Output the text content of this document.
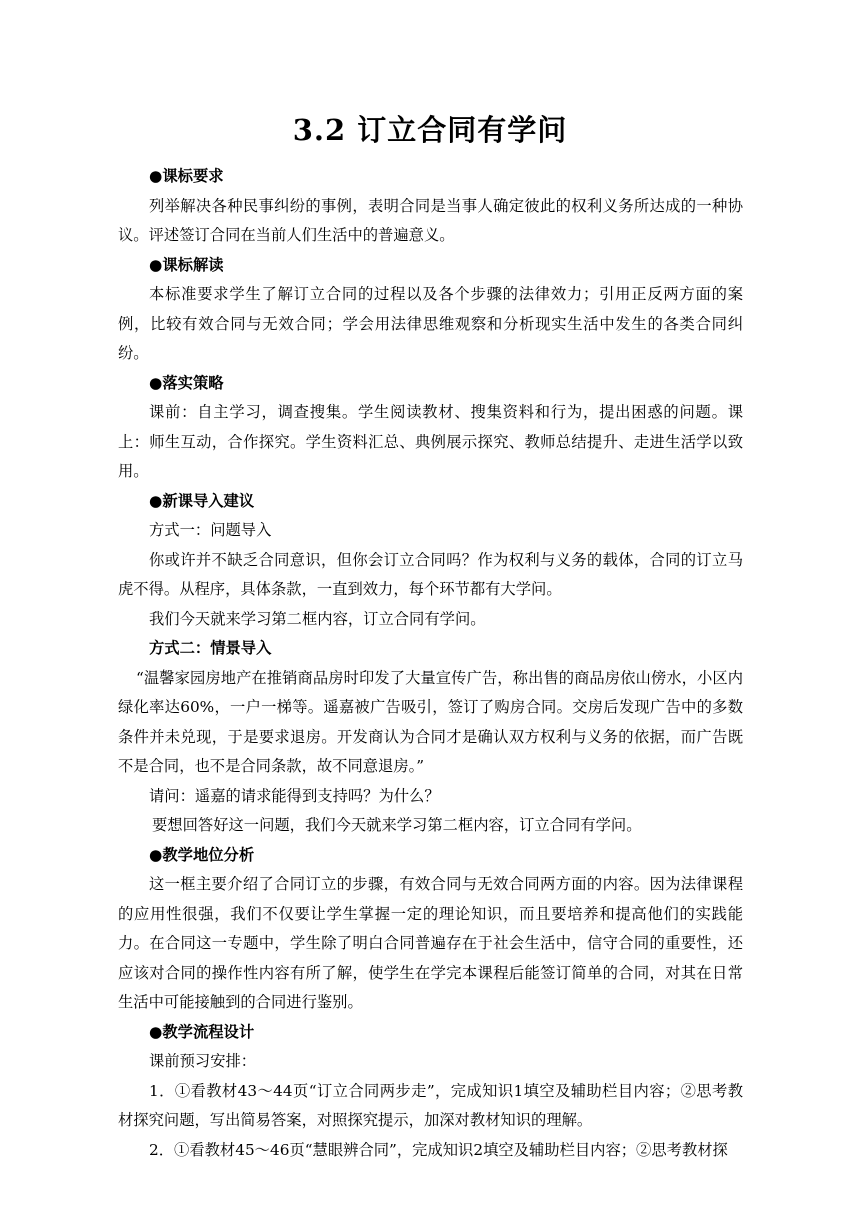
3.2 订立合同有学问

●课标要求

列举解决各种民事纠纷的事例，表明合同是当事人确定彼此的权利义务所达成的一种协议。评述签订合同在当前人们生活中的普遍意义。

●课标解读

本标准要求学生了解订立合同的过程以及各个步骤的法律效力；引用正反两方面的案例，比较有效合同与无效合同；学会用法律思维观察和分析现实生活中发生的各类合同纠纷。

●落实策略

课前：自主学习，调查搜集。学生阅读教材、搜集资料和行为，提出困惑的问题。课上：师生互动，合作探究。学生资料汇总、典例展示探究、教师总结提升、走进生活学以致用。

●新课导入建议

方式一：问题导入

你或许并不缺乏合同意识，但你会订立合同吗？作为权利与义务的载体，合同的订立马虎不得。从程序，具体条款，一直到效力，每个环节都有大学问。

我们今天就来学习第二框内容，订立合同有学问。

方式二：情景导入

“温馨家园房地产在推销商品房时印发了大量宣传广告，称出售的商品房依山傍水，小区内绿化率达60%，一户一梯等。遥嘉被广告吸引，签订了购房合同。交房后发现广告中的多数条件并未兑现，于是要求退房。开发商认为合同才是确认双方权利与义务的依据，而广告既不是合同，也不是合同条款，故不同意退房。”

请问：遥嘉的请求能得到支持吗？为什么？

要想回答好这一问题，我们今天就来学习第二框内容，订立合同有学问。

●教学地位分析

这一框主要介绍了合同订立的步骤，有效合同与无效合同两方面的内容。因为法律课程的应用性很强，我们不仅要让学生掌握一定的理论知识，而且要培养和提高他们的实践能力。在合同这一专题中，学生除了明白合同普遍存在于社会生活中，信守合同的重要性，还应该对合同的操作性内容有所了解，使学生在学完本课程后能签订简单的合同，对其在日常生活中可能接触到的合同进行鉴别。

●教学流程设计

课前预习安排：

1．①看教材43～44页“订立合同两步走”，完成知识1填空及辅助栏目内容；②思考教材探究问题，写出简易答案，对照探究提示，加深对教材知识的理解。

2．①看教材45～46页“慧眼辨合同”，完成知识2填空及辅助栏目内容；②思考教材探
